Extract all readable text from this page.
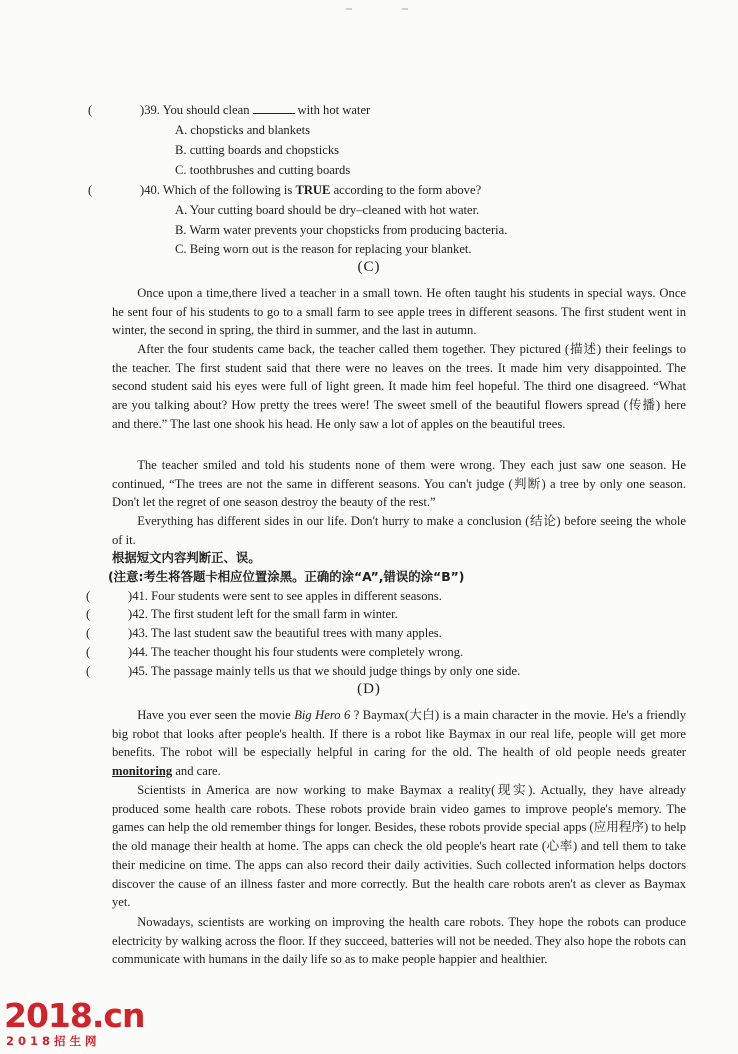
(	)39. You should clean	with hot water
A. chopsticks and blankets
B. cutting boards and chopsticks
C. toothbrushes and cutting boards
(	)40. Which of the following is TRUE according to the form above?
A. Your cutting board should be dry–cleaned with hot water.
B. Warm water prevents your chopsticks from producing bacteria.
C. Being worn out is the reason for replacing your blanket.
(C)
Once upon a time,there lived a teacher in a small town. He often taught his students in special ways. Once he sent four of his students to go to a small farm to see apple trees in different seasons. The first student went in winter, the second in spring, the third in summer, and the last in autumn.
After the four students came back, the teacher called them together. They pictured (描述) their feelings to the teacher. The first student said that there were no leaves on the trees. It made him very disappointed. The second student said his eyes were full of light green. It made him feel hopeful. The third one disagreed. “What are you talking about? How pretty the trees were! The sweet smell of the beautiful flowers spread (传播) here and there.” The last one shook his head. He only saw a lot of apples on the beautiful trees.
The teacher smiled and told his students none of them were wrong. They each just saw one season. He continued, “The trees are not the same in different seasons. You can't judge (判断) a tree by only one season. Don't let the regret of one season destroy the beauty of the rest.”
Everything has different sides in our life. Don't hurry to make a conclusion (结论) before seeing the whole of it.
根据短文内容判断正、误。
(注意:考生将答题卡相应位置涂黑。正确的涂“A”,错误的涂“B”)
(	)41. Four students were sent to see apples in different seasons.
(	)42. The first student left for the small farm in winter.
(	)43. The last student saw the beautiful trees with many apples.
(	)44. The teacher thought his four students were completely wrong.
(	)45. The passage mainly tells us that we should judge things by only one side.
(D)
Have you ever seen the movie Big Hero 6 ? Baymax(大白) is a main character in the movie. He's a friendly big robot that looks after people's health. If there is a robot like Baymax in our real life, people will get more benefits. The robot will be especially helpful in caring for the old. The health of old people needs greater monitoring and care.
Scientists in America are now working to make Baymax a reality(现实). Actually, they have already produced some health care robots. These robots provide brain video games to improve people's memory. The games can help the old remember things for longer. Besides, these robots provide special apps (应用程序) to help the old manage their health at home. The apps can check the old people's heart rate (心率) and tell them to take their medicine on time. The apps can also record their daily activities. Such collected information helps doctors discover the cause of an illness faster and more correctly. But the health care robots aren't as clever as Baymax yet.
Nowadays, scientists are working on improving the health care robots. They hope the robots can produce electricity by walking across the floor. If they succeed, batteries will not be needed. They also hope the robots can communicate with humans in the daily life so as to make people happier and healthier.
2018.cn
2018招生网
